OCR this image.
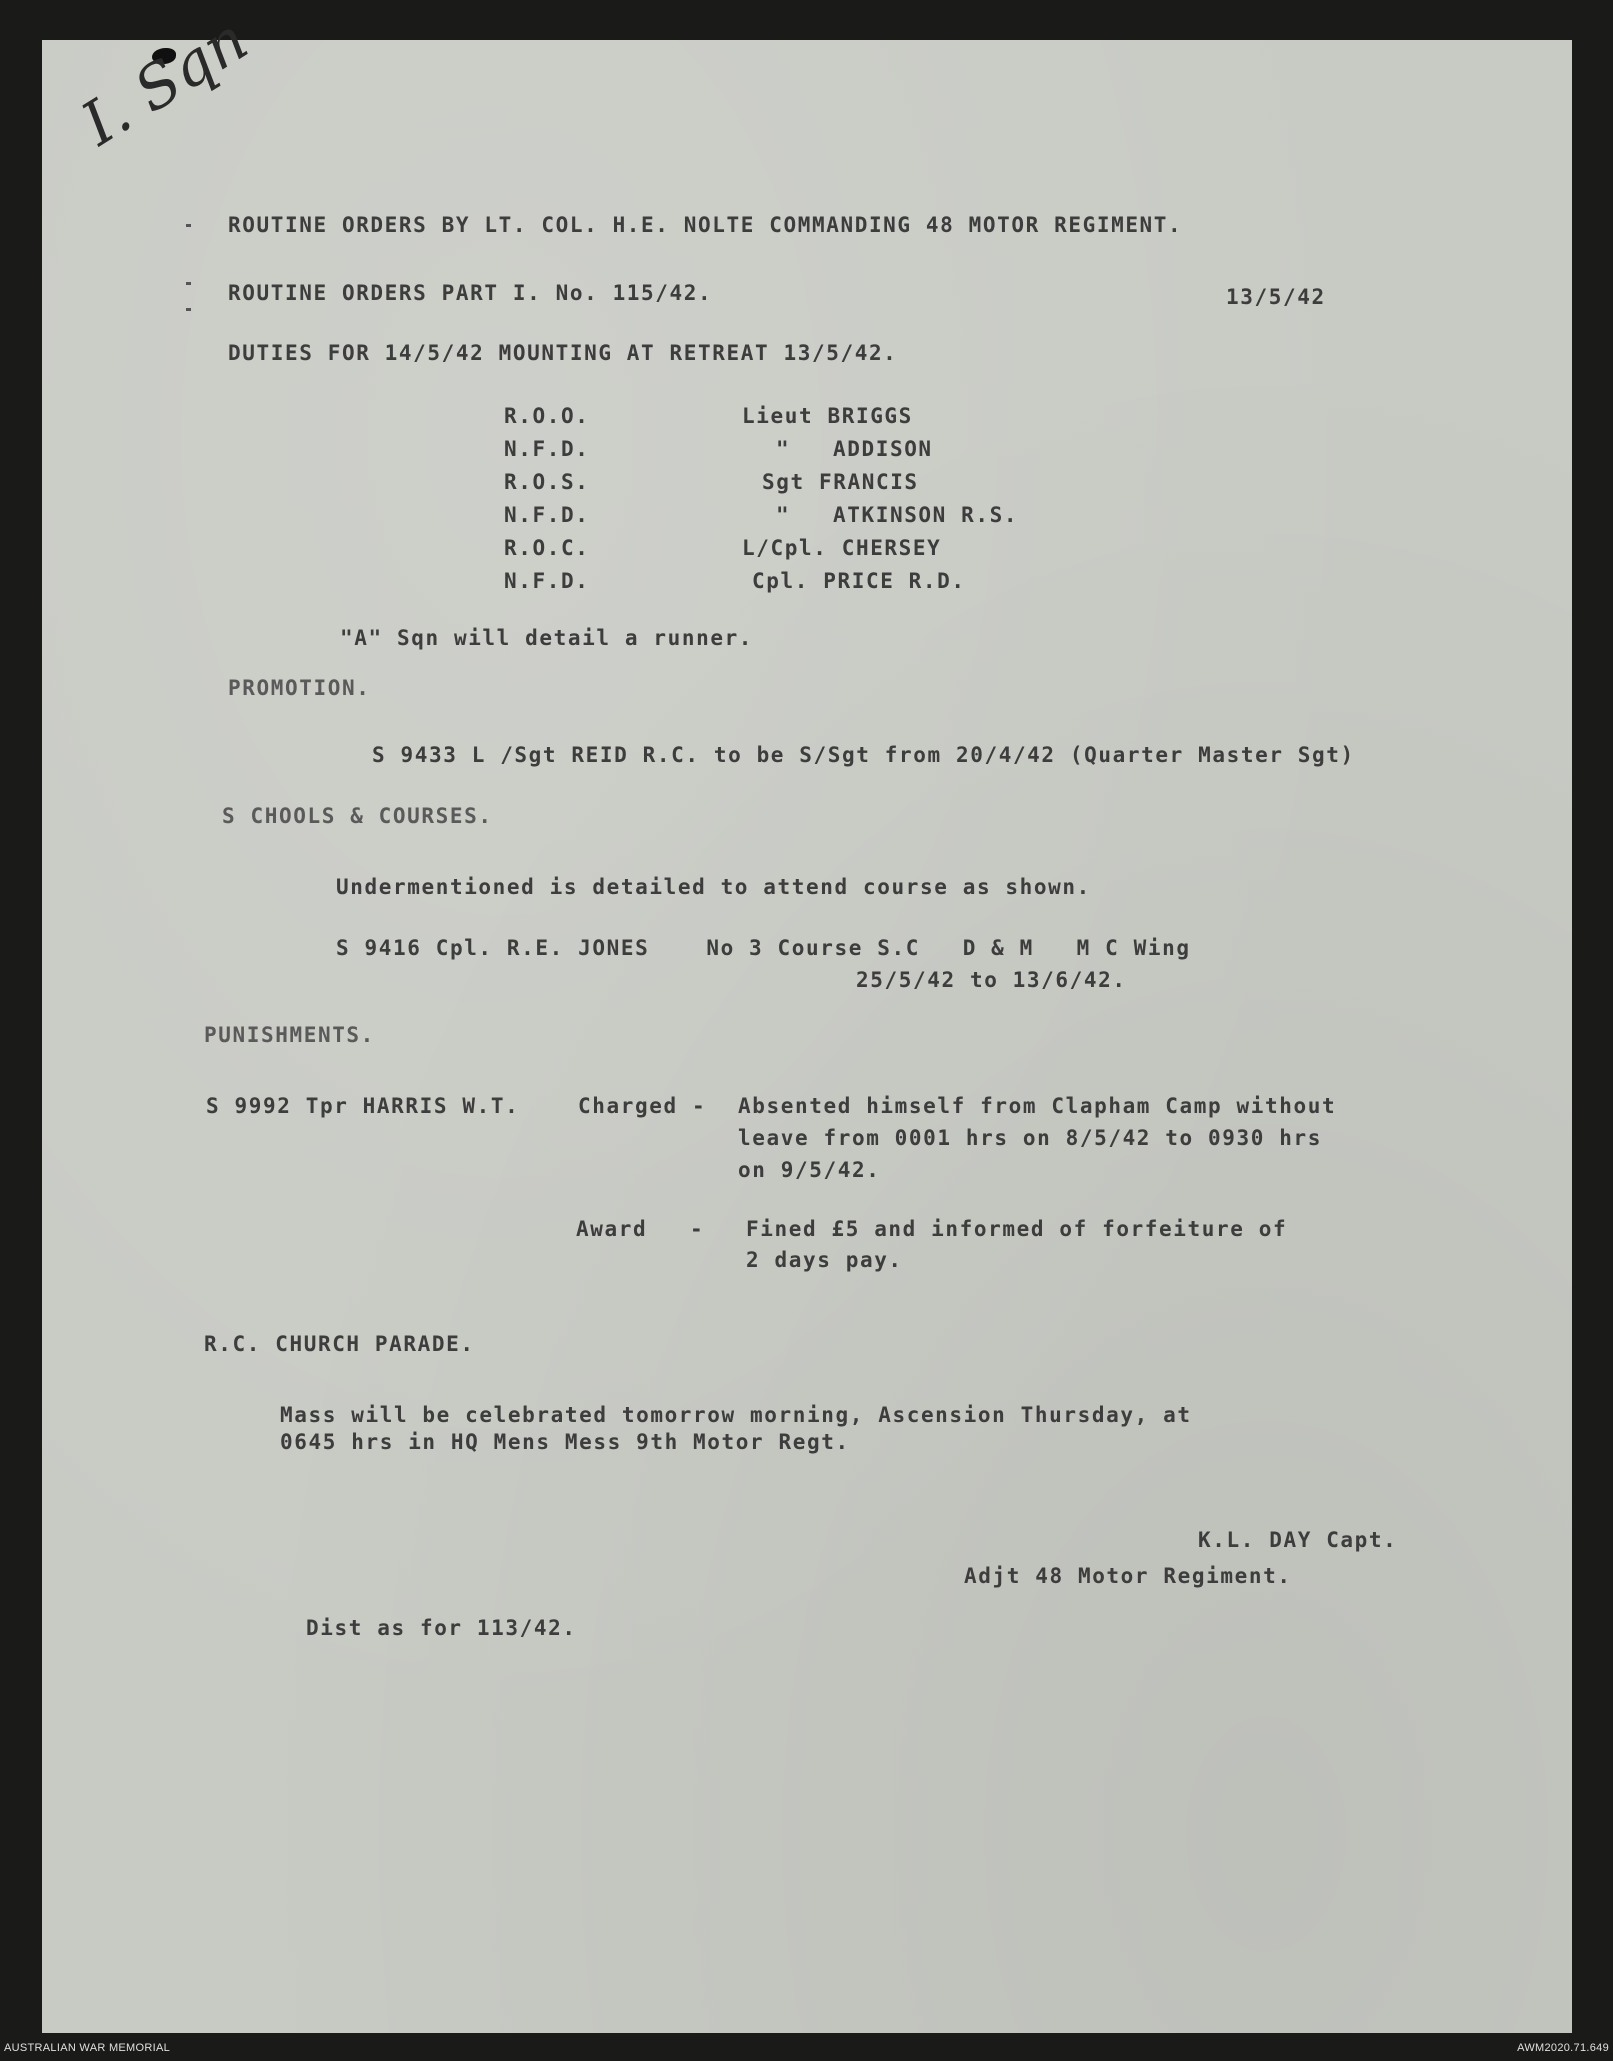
I. Sqn
ROUTINE ORDERS BY LT. COL. H.E. NOLTE COMMANDING 48 MOTOR REGIMENT.
ROUTINE ORDERS PART I. No. 115/42.	13/5/42
DUTIES FOR 14/5/42 MOUNTING AT RETREAT 13/5/42.
R.O.O.	Lieut BRIGGS
N.F.D.	"   ADDISON
R.O.S.	Sgt FRANCIS
N.F.D.	"   ATKINSON R.S.
R.O.C.	L/Cpl. CHERSEY
N.F.D.	Cpl. PRICE R.D.
"A" Sqn will detail a runner.
PROMOTION.
S 9433 L /Sgt REID R.C. to be S/Sgt from 20/4/42 (Quarter Master Sgt)
S CHOOLS & COURSES.
Undermentioned is detailed to attend course as shown.
S 9416 Cpl. R.E. JONES    No 3 Course S.C   D & M   M C Wing
25/5/42 to 13/6/42.
PUNISHMENTS.
S 9992 Tpr HARRIS W.T.	Charged - Absented himself from Clapham Camp without
leave from 0001 hrs on 8/5/42 to 0930 hrs
on 9/5/42.
Award   - Fined £5 and informed of forfeiture of
2 days pay.
R.C. CHURCH PARADE.
Mass will be celebrated tomorrow morning, Ascension Thursday, at
0645 hrs in HQ Mens Mess 9th Motor Regt.
K.L. DAY Capt.
Adjt 48 Motor Regiment.
Dist as for 113/42.
AUSTRALIAN WAR MEMORIAL	AWM2020.71.649
